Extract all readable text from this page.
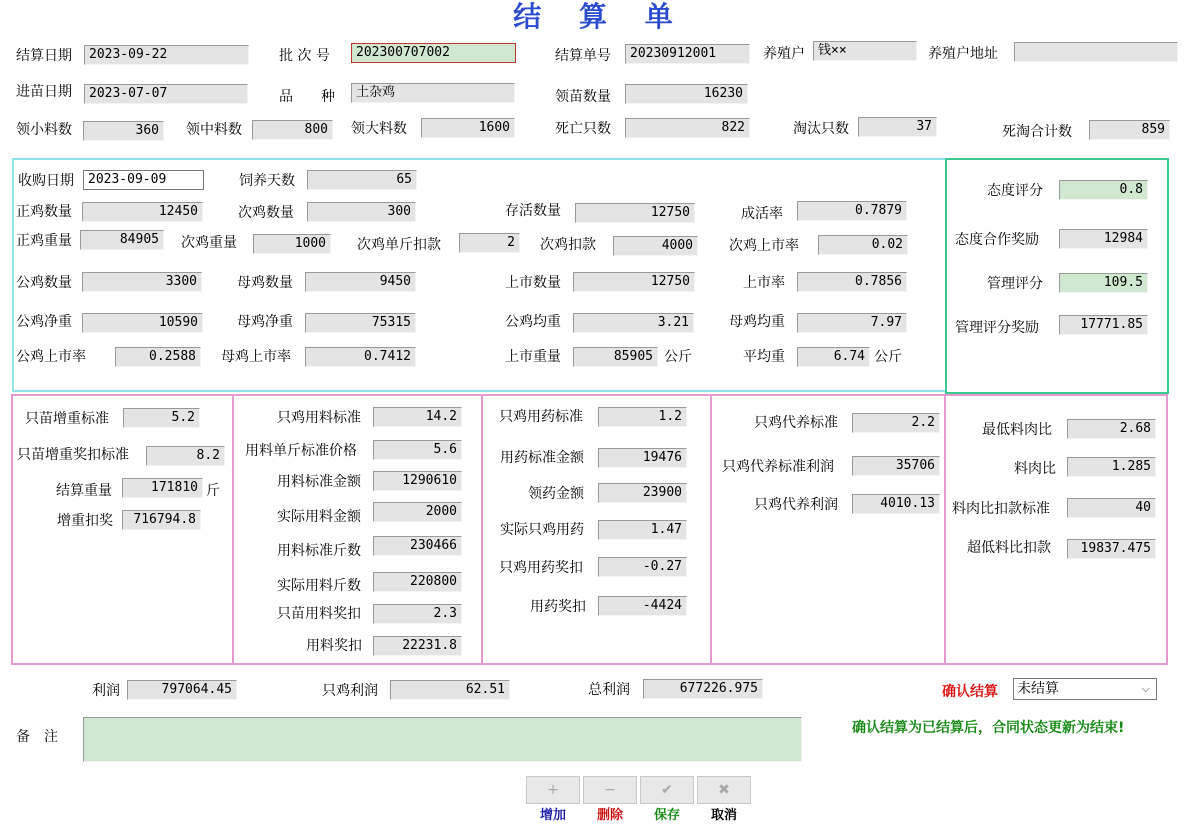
结 算 单
结算日期	2023-09-22	批 次 号	202300707002	结算单号	20230912001	养殖户	钱××	养殖户地址
进苗日期	2023-07-07	品　　种	土杂鸡	领苗数量	16230
领小料数	360	领中料数	800	领大料数	1600	死亡只数	822	淘汰只数	37	死淘合计数	859
收购日期	2023-09-09	饲养天数	65
正鸡数量	12450	次鸡数量	300	存活数量	12750	成活率	0.7879
正鸡重量	84905	次鸡重量	1000	次鸡单斤扣款	2	次鸡扣款	4000	次鸡上市率	0.02
公鸡数量	3300	母鸡数量	9450	上市数量	12750	上市率	0.7856
公鸡净重	10590	母鸡净重	75315	公鸡均重	3.21	母鸡均重	7.97
公鸡上市率	0.2588	母鸡上市率	0.7412	上市重量	85905 公斤	平均重	6.74 公斤
态度评分	0.8
态度合作奖励	12984
管理评分	109.5
管理评分奖励	17771.85
只苗增重标准	5.2
只苗增重奖扣标准	8.2
结算重量	171810 斤
增重扣奖	716794.8
只鸡用料标准	14.2
用料单斤标准价格	5.6
用料标准金额	1290610
实际用料金额	2000
用料标准斤数	230466
实际用料斤数	220800
只苗用料奖扣	2.3
用料奖扣	22231.8
只鸡用药标准	1.2
用药标准金额	19476
领药金额	23900
实际只鸡用药	1.47
只鸡用药奖扣	-0.27
用药奖扣	-4424
只鸡代养标准	2.2
只鸡代养标准利润	35706
只鸡代养利润	4010.13
最低料肉比	2.68
料肉比	1.285
料肉比扣款标准	40
超低料比扣款	19837.475
利润	797064.45	只鸡利润	62.51	总利润	677226.975	确认结算 未结算	⌵
备　注
确认结算为已结算后，合同状态更新为结束!
+	−	✔	✖
增加	删除	保存	取消
